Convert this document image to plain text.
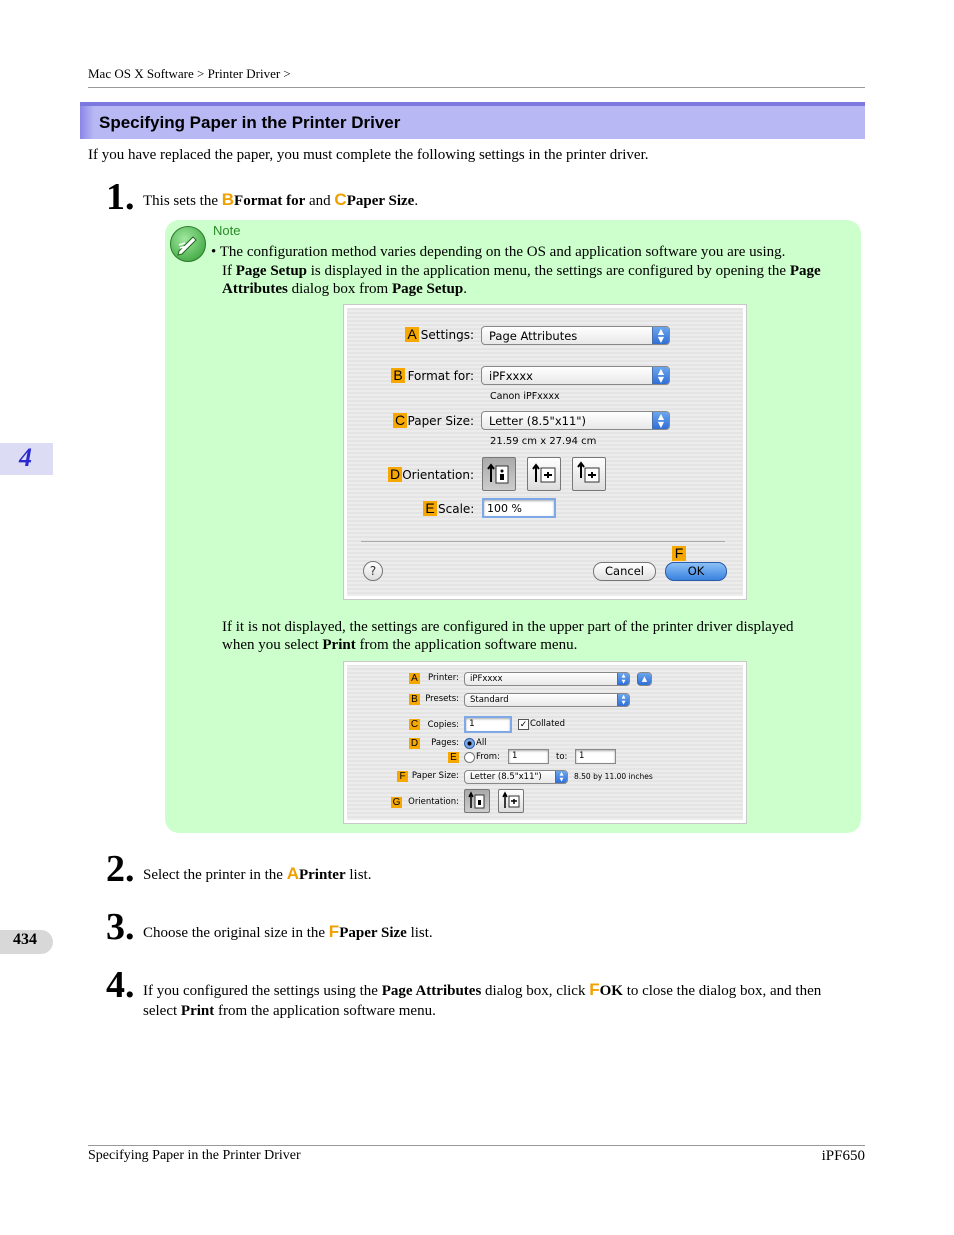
Mac OS X Software > Printer Driver >
Specifying Paper in the Printer Driver
If you have replaced the paper, you must complete the following settings in the printer driver.
1. This sets the BFormat for and CPaper Size.
Note
• The configuration method varies depending on the OS and application software you are using.
If Page Setup is displayed in the application menu, the settings are configured by opening the Page
Attributes dialog box from Page Setup.
A Settings: Page Attributes	▲
▼
B Format for: iPFxxxx	▲
▼
Canon iPFxxxx
C Paper Size: Letter (8.5"x11")	▲
▼
21.59 cm x 27.94 cm
D Orientation:
E Scale: 100 %
?	Cancel
F
OK
If it is not displayed, the settings are configured in the upper part of the printer driver displayed
when you select Print from the application software menu.
A	Printer: iPFxxxx	▲
▼	▲
B Presets: Standard	▲
▼
C	Copies: 1	✓ Collated
D	Pages: All
E From: 1	to: 1
F Paper Size: Letter (8.5"x11")	▲
▼	8.50 by 11.00 inches
G Orientation:
2. Select the printer in the APrinter list.
3. Choose the original size in the FPaper Size list.
4. If you configured the settings using the Page Attributes dialog box, click FOK to close the dialog box, and then
select Print from the application software menu.
4
434
Specifying Paper in the Printer Driver	iPF650
